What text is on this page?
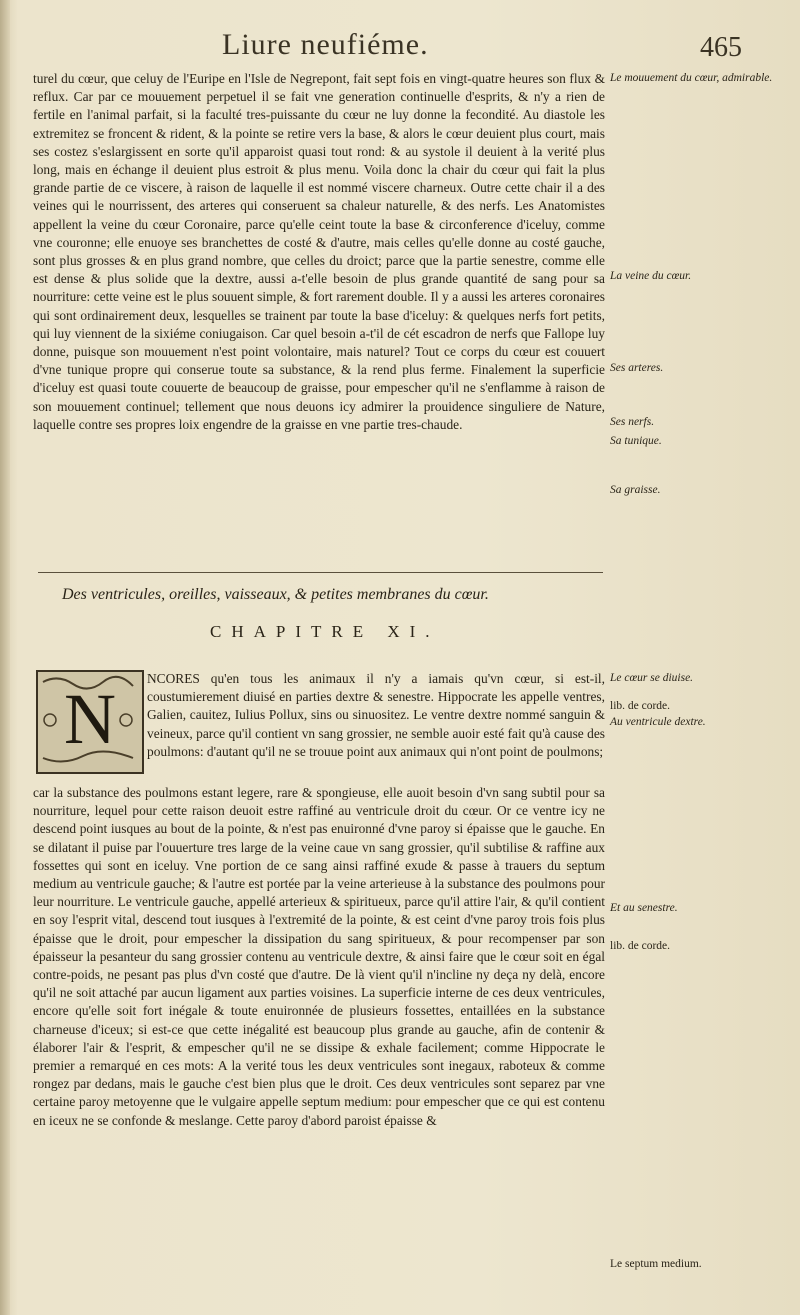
Liure neufiéme.	465
turel du cœur, que celuy de l'Euripe en l'Isle de Negrepont, fait sept fois en vingt-quatre heures son flux & reflux. Car par ce mouuement perpetuel il se fait vne generation continuelle d'esprits, & n'y a rien de fertile en l'animal parfait, si la faculté tres-puissante du cœur ne luy donne la fecondité. Au diastole les extremitez se froncent & rident, & la pointe se retire vers la base, & alors le cœur deuient plus court, mais ses costez s'eslargissent en sorte qu'il apparoist quasi tout rond: & au systole il deuient à la verité plus long, mais en échange il deuient plus estroit & plus menu. Voila donc la chair du cœur qui fait la plus grande partie de ce viscere, à raison de laquelle il est nommé viscere charneux. Outre cette chair il a des veines qui le nourrissent, des arteres qui conseruent sa chaleur naturelle, & des nerfs. Les Anatomistes appellent la veine du cœur Coronaire, parce qu'elle ceint toute la base & circonference d'iceluy, comme vne couronne; elle enuoye ses branchettes de costé & d'autre, mais celles qu'elle donne au costé gauche, sont plus grosses & en plus grand nombre, que celles du droict; parce que la partie senestre, comme elle est dense & plus solide que la dextre, aussi a-t'elle besoin de plus grande quantité de sang pour sa nourriture: cette veine est le plus souuent simple, & fort rarement double. Il y a aussi les arteres coronaires qui sont ordinairement deux, lesquelles se trainent par toute la base d'iceluy: & quelques nerfs fort petits, qui luy viennent de la sixiéme coniugaison. Car quel besoin a-t'il de cét escadron de nerfs que Fallope luy donne, puisque son mouuement n'est point volontaire, mais naturel? Tout ce corps du cœur est couuert d'vne tunique propre qui conserue toute sa substance, & la rend plus ferme. Finalement la superficie d'iceluy est quasi toute couuerte de beaucoup de graisse, pour empescher qu'il ne s'enflamme à raison de son mouuement continuel; tellement que nous deuons icy admirer la prouidence singuliere de Nature, laquelle contre ses propres loix engendre de la graisse en vne partie tres-chaude.
Le mouuement du cœur, admirable.
La veine du cœur.
Ses arteres.
Ses nerfs.
Sa tunique.
Sa graisse.
Des ventricules, oreilles, vaisseaux, & petites membranes du cœur.
CHAPITRE XI.
N
NCORES qu'en tous les animaux il n'y a iamais qu'vn cœur, si est-il, coustumierement diuisé en parties dextre & senestre. Hippocrate les appelle ventres, Galien, cauitez, Iulius Pollux, sins ou sinuositez. Le ventre dextre nommé sanguin & veineux, parce qu'il contient vn sang grossier, ne semble auoir esté fait qu'à cause des poulmons: d'autant qu'il ne se trouue point aux animaux qui n'ont point de poulmons;
car la substance des poulmons estant legere, rare & spongieuse, elle auoit besoin d'vn sang subtil pour sa nourriture, lequel pour cette raison deuoit estre raffiné au ventricule droit du cœur. Or ce ventre icy ne descend point iusques au bout de la pointe, & n'est pas enuironné d'vne paroy si épaisse que le gauche. En se dilatant il puise par l'ouuerture tres large de la veine caue vn sang grossier, qu'il subtilise & raffine aux fossettes qui sont en iceluy. Vne portion de ce sang ainsi raffiné exude & passe à trauers du septum medium au ventricule gauche; & l'autre est portée par la veine arterieuse à la substance des poulmons pour leur nourriture. Le ventricule gauche, appellé arterieux & spiritueux, parce qu'il attire l'air, & qu'il contient en soy l'esprit vital, descend tout iusques à l'extremité de la pointe, & est ceint d'vne paroy trois fois plus épaisse que le droit, pour empescher la dissipation du sang spiritueux, & pour recompenser par son épaisseur la pesanteur du sang grossier contenu au ventricule dextre, & ainsi faire que le cœur soit en égal contre-poids, ne pesant pas plus d'vn costé que d'autre. De là vient qu'il n'incline ny deça ny delà, encore qu'il ne soit attaché par aucun ligament aux parties voisines. La superficie interne de ces deux ventricules, encore qu'elle soit fort inégale & toute enuironnée de plusieurs fossettes, entaillées en la substance charneuse d'iceux; si est-ce que cette inégalité est beaucoup plus grande au gauche, afin de contenir & élaborer l'air & l'esprit, & empescher qu'il ne se dissipe & exhale facilement; comme Hippocrate le premier a remarqué en ces mots: A la verité tous les deux ventricules sont inegaux, raboteux & comme rongez par dedans, mais le gauche c'est bien plus que le droit. Ces deux ventricules sont separez par vne certaine paroy metoyenne que le vulgaire appelle septum medium: pour empescher que ce qui est contenu en iceux ne se confonde & meslange. Cette paroy d'abord paroist épaisse &
Le cœur se diuise.
lib. de corde.
Au ventricule dextre.
Et au senestre.
lib. de corde.
Le septum medium.
